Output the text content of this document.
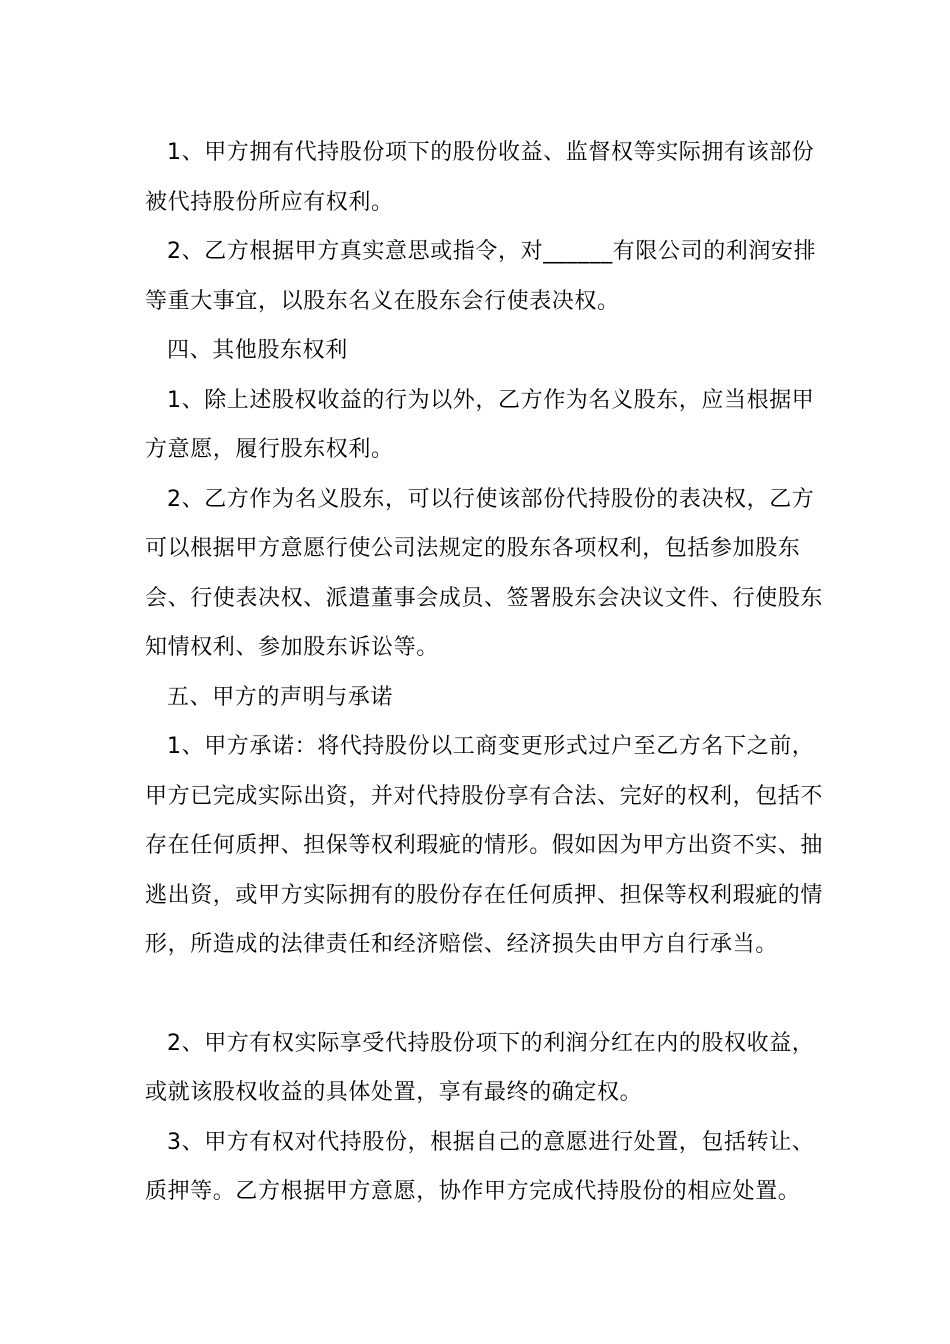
1、甲方拥有代持股份项下的股份收益、监督权等实际拥有该部份被代持股份所应有权利。

2、乙方根据甲方真实意思或指令，对______有限公司的利润安排等重大事宜，以股东名义在股东会行使表决权。

四、其他股东权利

1、除上述股权收益的行为以外，乙方作为名义股东，应当根据甲方意愿，履行股东权利。

2、乙方作为名义股东，可以行使该部份代持股份的表决权，乙方可以根据甲方意愿行使公司法规定的股东各项权利，包括参加股东会、行使表决权、派遣董事会成员、签署股东会决议文件、行使股东知情权利、参加股东诉讼等。

五、甲方的声明与承诺

1、甲方承诺：将代持股份以工商变更形式过户至乙方名下之前，甲方已完成实际出资，并对代持股份享有合法、完好的权利，包括不存在任何质押、担保等权利瑕疵的情形。假如因为甲方出资不实、抽逃出资，或甲方实际拥有的股份存在任何质押、担保等权利瑕疵的情形，所造成的法律责任和经济赔偿、经济损失由甲方自行承当。

2、甲方有权实际享受代持股份项下的利润分红在内的股权收益，或就该股权收益的具体处置，享有最终的确定权。

3、甲方有权对代持股份，根据自己的意愿进行处置，包括转让、质押等。乙方根据甲方意愿，协作甲方完成代持股份的相应处置。
